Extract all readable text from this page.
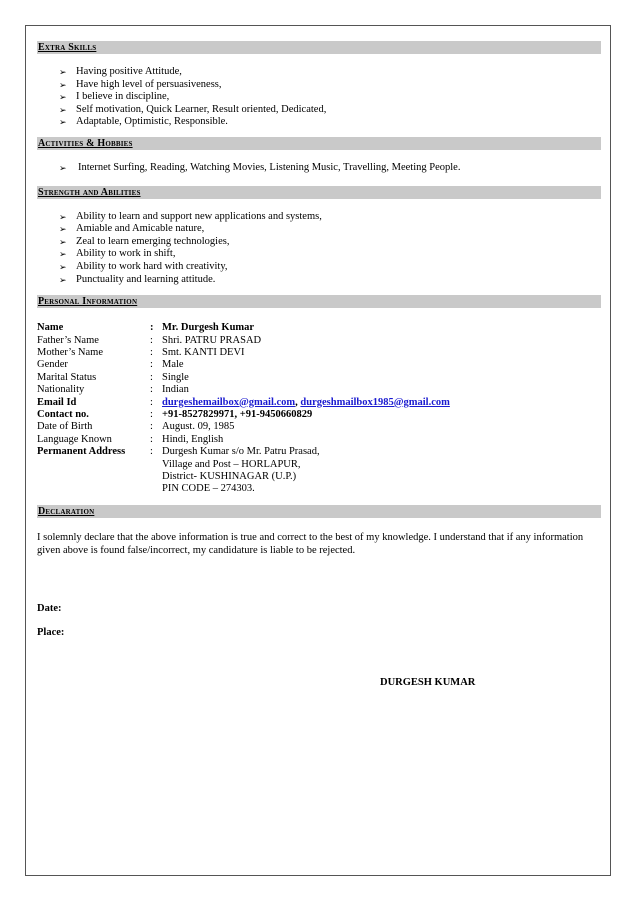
Extra Skills
➢ Having positive Attitude,
➢ Have high level of persuasiveness,
➢ I believe in discipline,
➢ Self motivation, Quick Learner, Result oriented, Dedicated,
➢ Adaptable, Optimistic, Responsible.
Activities & Hobbies
➢ Internet Surfing, Reading, Watching Movies, Listening Music, Travelling, Meeting People.
Strength and Abilities
➢ Ability to learn and support new applications and systems,
➢ Amiable and Amicable nature,
➢ Zeal to learn emerging technologies,
➢ Ability to work in shift,
➢ Ability to work hard with creativity,
➢ Punctuality and learning attitude.
Personal Information
Name	:	Mr. Durgesh Kumar
Father’s Name	:	Shri. PATRU PRASAD
Mother’s Name	:	Smt. KANTI DEVI
Gender	:	Male
Marital Status	:	Single
Nationality	:	Indian
Email Id	:	durgeshemailbox@gmail.com, durgeshmailbox1985@gmail.com
Contact no.	:	+91-8527829971, +91-9450660829
Date of Birth	:	August. 09, 1985
Language Known	:	Hindi, English
Permanent Address	:	Durgesh Kumar s/o Mr. Patru Prasad,
Village and Post – HORLAPUR,
District- KUSHINAGAR (U.P.)
PIN CODE – 274303.
Declaration

I solemnly declare that the above information is true and correct to the best of my knowledge. I understand that if any information given above is found false/incorrect, my candidature is liable to be rejected.

Date:
Place:
DURGESH KUMAR
